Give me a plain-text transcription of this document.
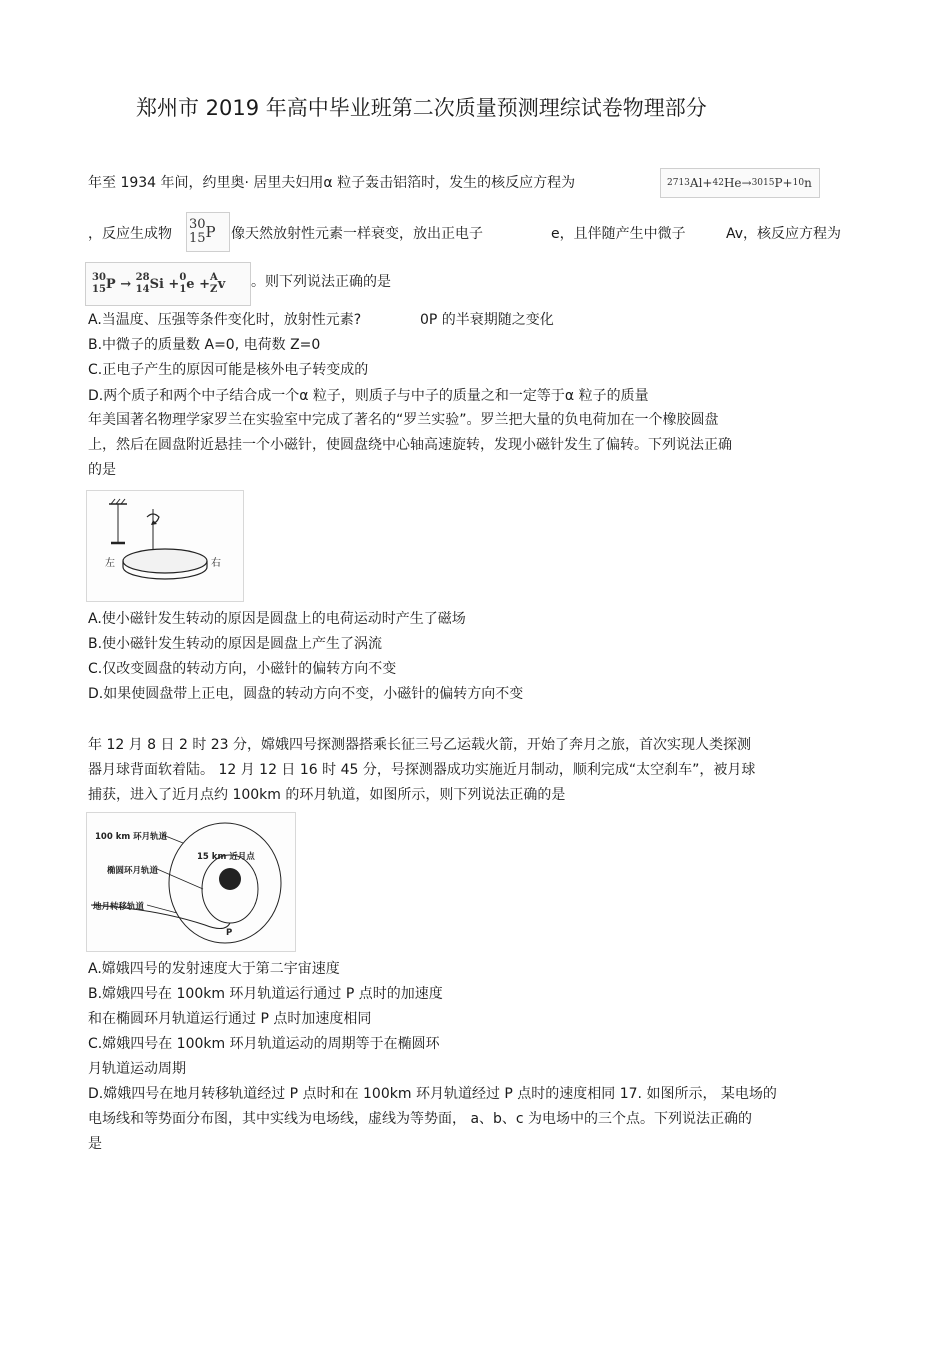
郑州市 2019 年高中毕业班第二次质量预测理综试卷物理部分
年至 1934 年间，约里奥· 居里夫妇用α 粒子轰击铝箔时，发生的核反应方程为	27 13 Al+ 4 2 He→ 30 15 P+ 1 0 n
，反应生成物
30
15 P 像天然放射性元素一样衰变，放出正电子	e，且伴随产生中微子	Av，核反应方程为
30
15 P →
28
14 Si + 0
1 e + A
Z v 。则下列说法正确的是
A.当温度、压强等条件变化时，放射性元素?	0P 的半衰期随之变化
B.中微子的质量数 A=0, 电荷数 Z=0
C.正电子产生的原因可能是核外电子转变成的
D.两个质子和两个中子结合成一个α 粒子，则质子与中子的质量之和一定等于α 粒子的质量
年美国著名物理学家罗兰在实验室中完成了著名的“罗兰实验”。罗兰把大量的负电荷加在一个橡胶圆盘
上，然后在圆盘附近悬挂一个小磁针，使圆盘绕中心轴高速旋转，发现小磁针发生了偏转。下列说法正确
的是
左	右
A.使小磁针发生转动的原因是圆盘上的电荷运动时产生了磁场
B.使小磁针发生转动的原因是圆盘上产生了涡流
C.仅改变圆盘的转动方向，小磁针的偏转方向不变
D.如果使圆盘带上正电，圆盘的转动方向不变，小磁针的偏转方向不变
年 12 月 8 日 2 时 23 分，嫦娥四号探测器搭乘长征三号乙运载火箭，开始了奔月之旅，首次实现人类探测
器月球背面软着陆。 12 月 12 日 16 时 45 分，号探测器成功实施近月制动，顺利完成“太空刹车”，被月球
捕获，进入了近月点约 100km 的环月轨道，如图所示，则下列说法正确的是
100 km 环月轨道
15 km 近月点
椭圆环月轨道
地月转移轨道
P
A.嫦娥四号的发射速度大于第二宇宙速度
B.嫦娥四号在 100km 环月轨道运行通过 P 点时的加速度
和在椭圆环月轨道运行通过 P 点时加速度相同
C.嫦娥四号在 100km 环月轨道运动的周期等于在椭圆环
月轨道运动周期
D.嫦娥四号在地月转移轨道经过 P 点时和在 100km 环月轨道经过 P 点时的速度相同 17. 如图所示， 某电场的
电场线和等势面分布图，其中实线为电场线，虚线为等势面， a、b、c 为电场中的三个点。下列说法正确的
是
